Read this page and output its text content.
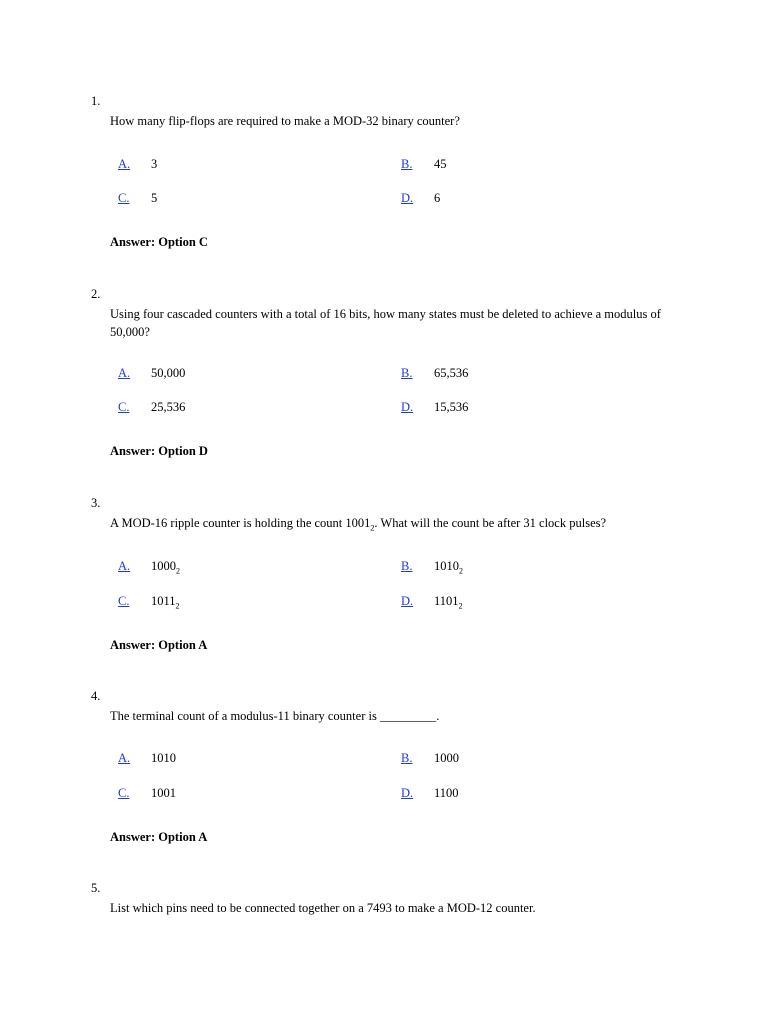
1.
How many flip-flops are required to make a MOD-32 binary counter?
A. 3	B. 45
C. 5	D. 6
Answer: Option C
2.
Using four cascaded counters with a total of 16 bits, how many states must be deleted to achieve a modulus of 50,000?
A. 50,000	B. 65,536
C. 25,536	D. 15,536
Answer: Option D
3.
A MOD-16 ripple counter is holding the count $1001_2$. What will the count be after 31 clock pulses?
A. $1000_2$	B. $1010_2$
C. $1011_2$	D. $1101_2$
Answer: Option A
4.
The terminal count of a modulus-11 binary counter is _________.
A. 1010	B. 1000
C. 1001	D. 1100
Answer: Option A
5.
List which pins need to be connected together on a 7493 to make a MOD-12 counter.
